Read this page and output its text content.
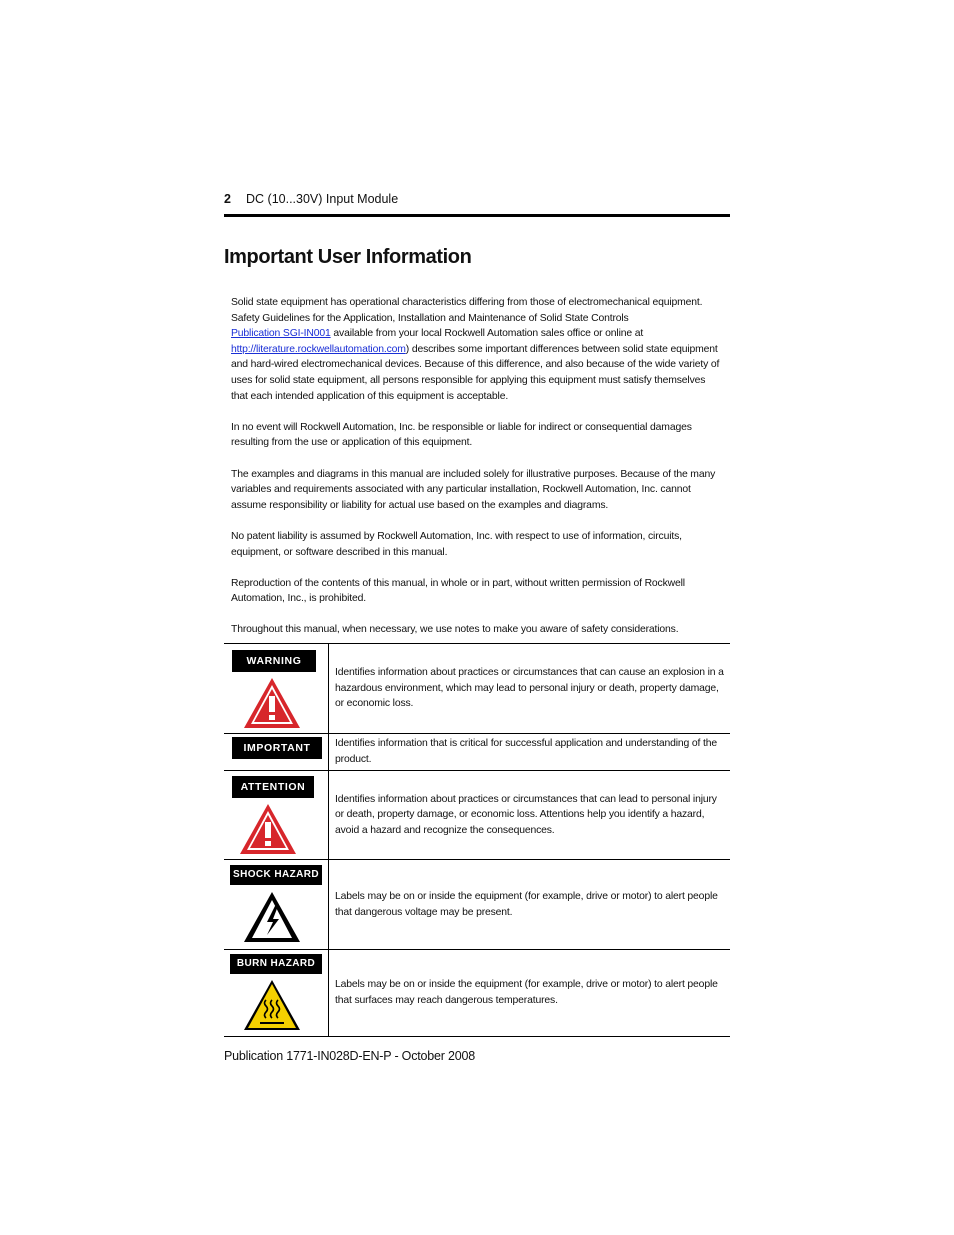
2 DC (10...30V) Input Module
Important User Information

Solid state equipment has operational characteristics differing from those of electromechanical equipment. Safety Guidelines for the Application, Installation and Maintenance of Solid State Controls
Publication SGI-IN001 available from your local Rockwell Automation sales office or online at
http://literature.rockwellautomation.com) describes some important differences between solid state equipment and hard-wired electromechanical devices. Because of this difference, and also because of the wide variety of uses for solid state equipment, all persons responsible for applying this equipment must satisfy themselves that each intended application of this equipment is acceptable.

In no event will Rockwell Automation, Inc. be responsible or liable for indirect or consequential damages resulting from the use or application of this equipment.

The examples and diagrams in this manual are included solely for illustrative purposes. Because of the many variables and requirements associated with any particular installation, Rockwell Automation, Inc. cannot assume responsibility or liability for actual use based on the examples and diagrams.

No patent liability is assumed by Rockwell Automation, Inc. with respect to use of information, circuits, equipment, or software described in this manual.

Reproduction of the contents of this manual, in whole or in part, without written permission of Rockwell Automation, Inc., is prohibited.

Throughout this manual, when necessary, we use notes to make you aware of safety considerations.

WARNING	Identifies information about practices or circumstances that can cause an explosion in a hazardous environment, which may lead to personal injury or death, property damage, or economic loss.

IMPORTANT	Identifies information that is critical for successful application and understanding of the product.

ATTENTION	Identifies information about practices or circumstances that can lead to personal injury or death, property damage, or economic loss. Attentions help you identify a hazard, avoid a hazard and recognize the consequences.

SHOCK HAZARD	Labels may be on or inside the equipment (for example, drive or motor) to alert people that dangerous voltage may be present.

BURN HAZARD	Labels may be on or inside the equipment (for example, drive or motor) to alert people that surfaces may reach dangerous temperatures.
Publication 1771-IN028D-EN-P - October 2008
